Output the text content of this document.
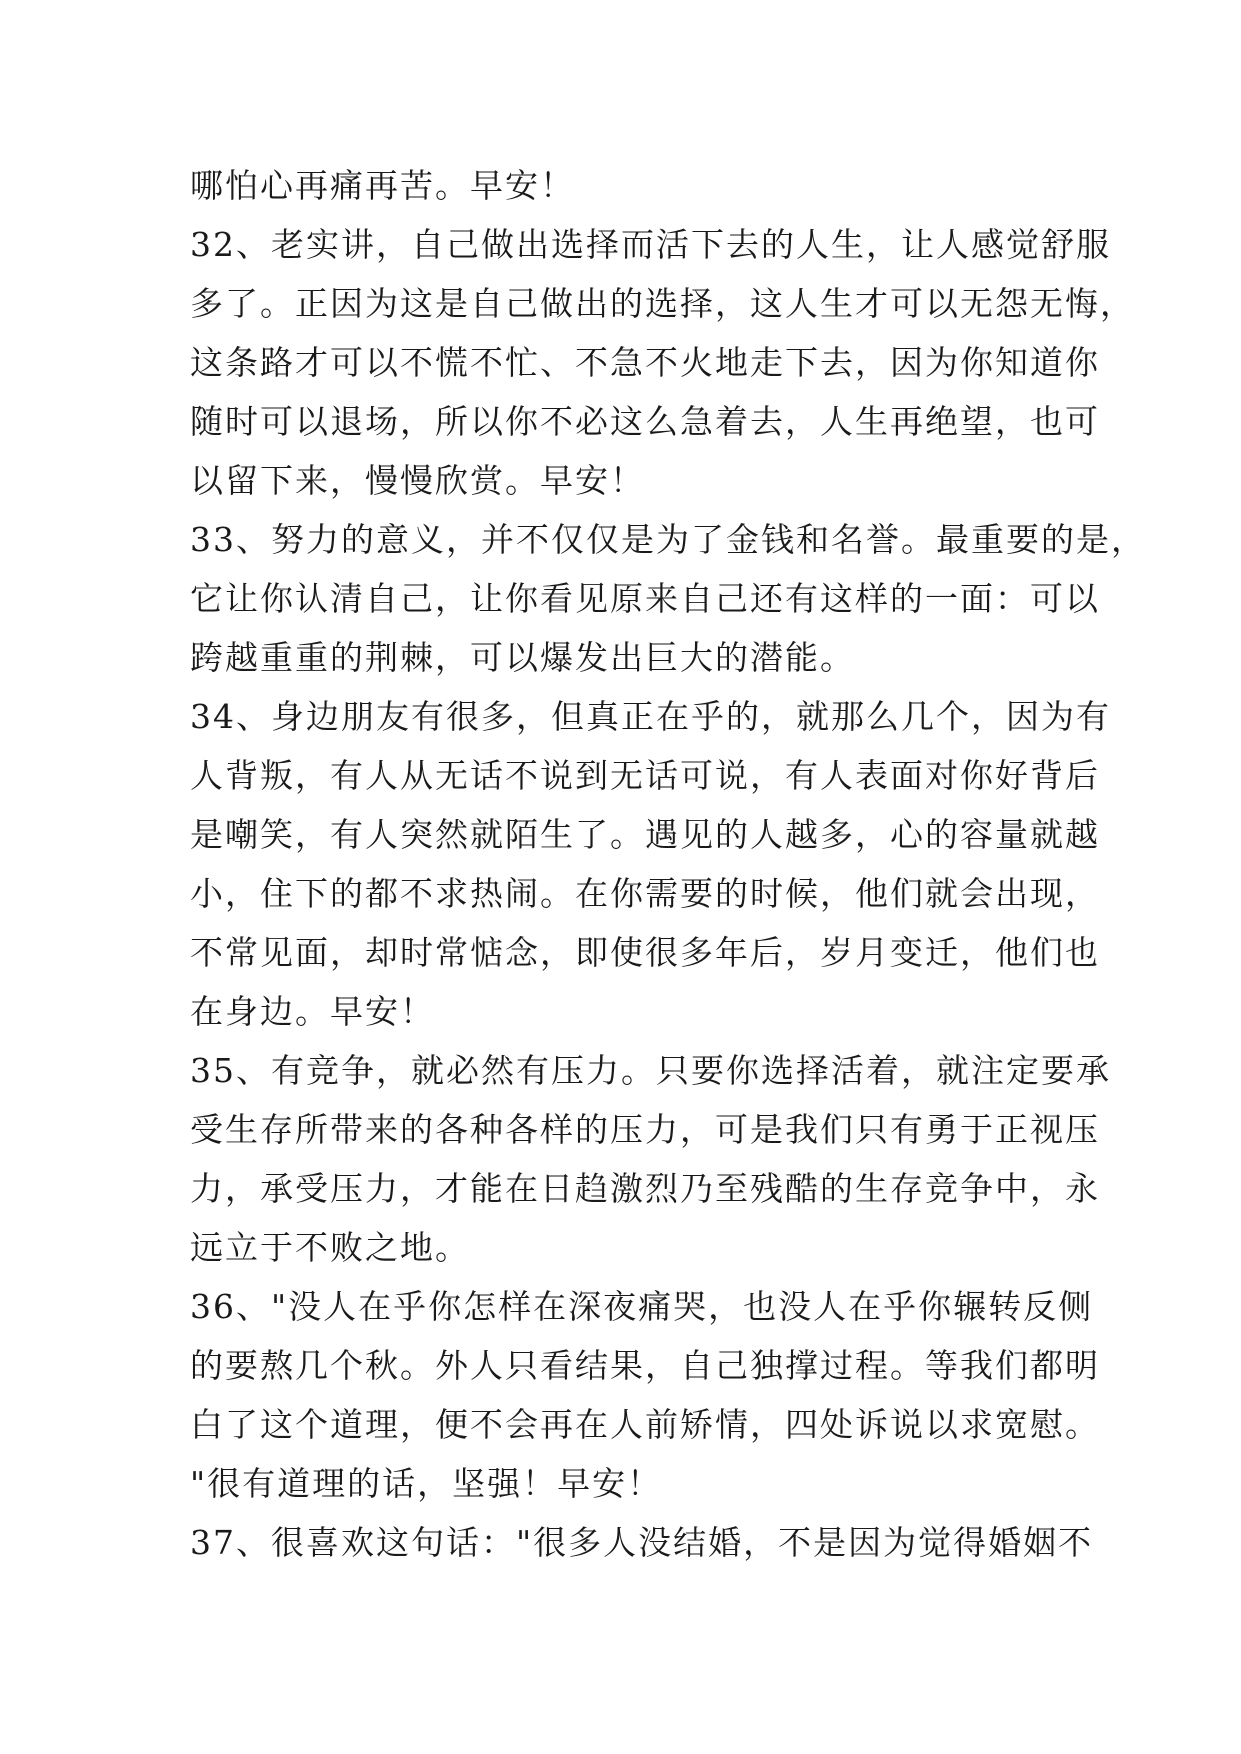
哪怕心再痛再苦。早安！
32、老实讲，自己做出选择而活下去的人生，让人感觉舒服
多了。正因为这是自己做出的选择，这人生才可以无怨无悔，
这条路才可以不慌不忙、不急不火地走下去，因为你知道你
随时可以退场，所以你不必这么急着去，人生再绝望，也可
以留下来，慢慢欣赏。早安！
33、努力的意义，并不仅仅是为了金钱和名誉。最重要的是，
它让你认清自己，让你看见原来自己还有这样的一面：可以
跨越重重的荆棘，可以爆发出巨大的潜能。
34、身边朋友有很多，但真正在乎的，就那么几个，因为有
人背叛，有人从无话不说到无话可说，有人表面对你好背后
是嘲笑，有人突然就陌生了。遇见的人越多，心的容量就越
小，住下的都不求热闹。在你需要的时候，他们就会出现，
不常见面，却时常惦念，即使很多年后，岁月变迁，他们也
在身边。早安！
35、有竞争，就必然有压力。只要你选择活着，就注定要承
受生存所带来的各种各样的压力，可是我们只有勇于正视压
力，承受压力，才能在日趋激烈乃至残酷的生存竞争中，永
远立于不败之地。
36、"没人在乎你怎样在深夜痛哭，也没人在乎你辗转反侧
的要熬几个秋。外人只看结果，自己独撑过程。等我们都明
白了这个道理，便不会再在人前矫情，四处诉说以求宽慰。
"很有道理的话，坚强！早安！
37、很喜欢这句话："很多人没结婚，不是因为觉得婚姻不
